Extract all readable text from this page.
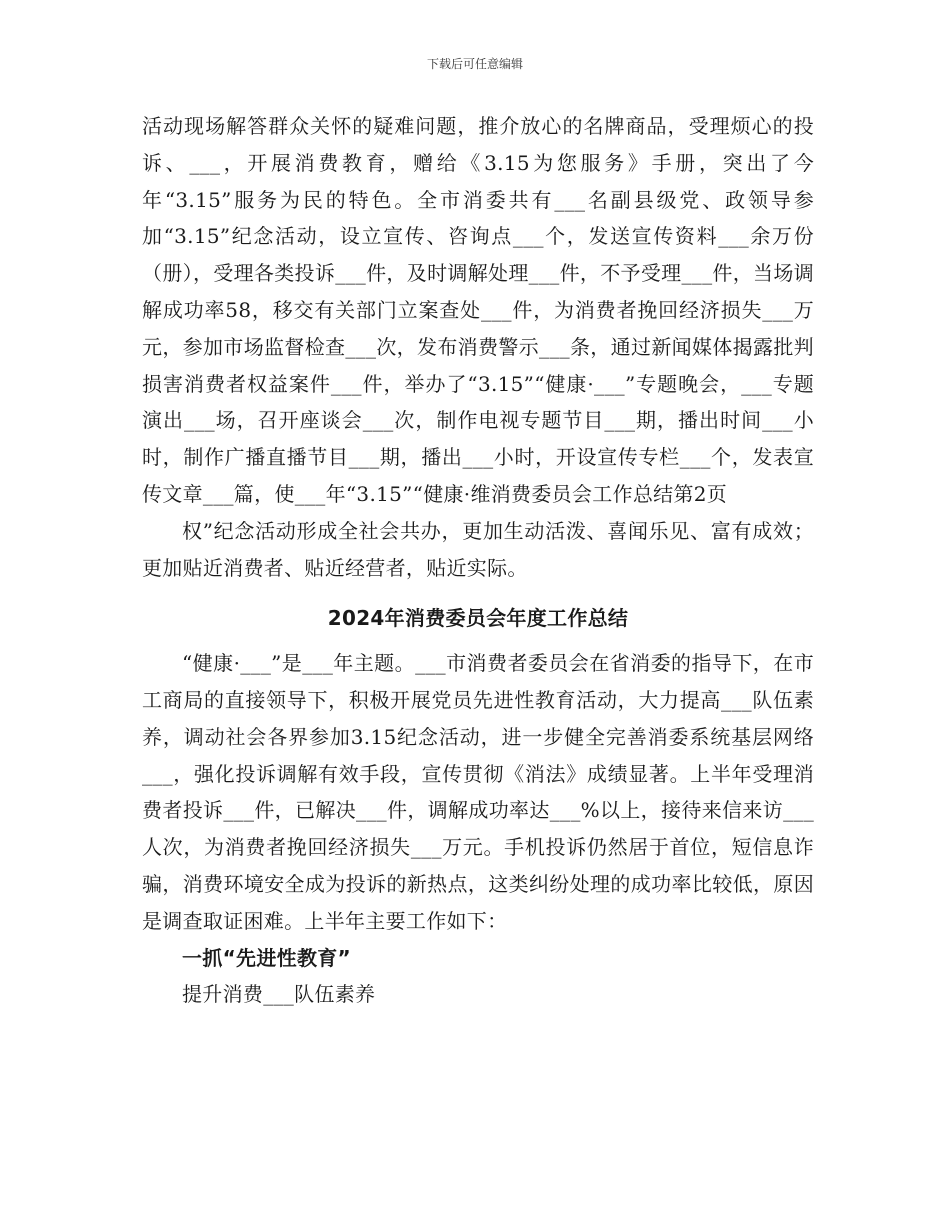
下载后可任意编辑

活动现场解答群众关怀的疑难问题，推介放心的名牌商品，受理烦心的投诉、___，开展消费教育，赠给《3.15为您服务》手册，突出了今年“3.15”服务为民的特色。全市消委共有___名副县级党、政领导参加“3.15”纪念活动，设立宣传、咨询点___个，发送宣传资料___余万份（册），受理各类投诉___件，及时调解处理___件，不予受理___件，当场调解成功率58，移交有关部门立案查处___件，为消费者挽回经济损失___万元，参加市场监督检查___次，发布消费警示___条，通过新闻媒体揭露批判损害消费者权益案件___件，举办了“3.15”“健康·___”专题晚会，___专题演出___场，召开座谈会___次，制作电视专题节目___期，播出时间___小时，制作广播直播节目___期，播出___小时，开设宣传专栏___个，发表宣传文章___篇，使___年“3.15”“健康·维消费委员会工作总结第2页

权”纪念活动形成全社会共办，更加生动活泼、喜闻乐见、富有成效；更加贴近消费者、贴近经营者，贴近实际。

2024年消费委员会年度工作总结

“健康·___”是___年主题。___市消费者委员会在省消委的指导下，在市工商局的直接领导下，积极开展党员先进性教育活动，大力提高___队伍素养，调动社会各界参加3.15纪念活动，进一步健全完善消委系统基层网络___，强化投诉调解有效手段，宣传贯彻《消法》成绩显著。上半年受理消费者投诉___件，已解决___件，调解成功率达___%以上，接待来信来访___人次，为消费者挽回经济损失___万元。手机投诉仍然居于首位，短信息诈骗，消费环境安全成为投诉的新热点，这类纠纷处理的成功率比较低，原因是调查取证困难。上半年主要工作如下：

一抓“先进性教育”

提升消费___队伍素养
